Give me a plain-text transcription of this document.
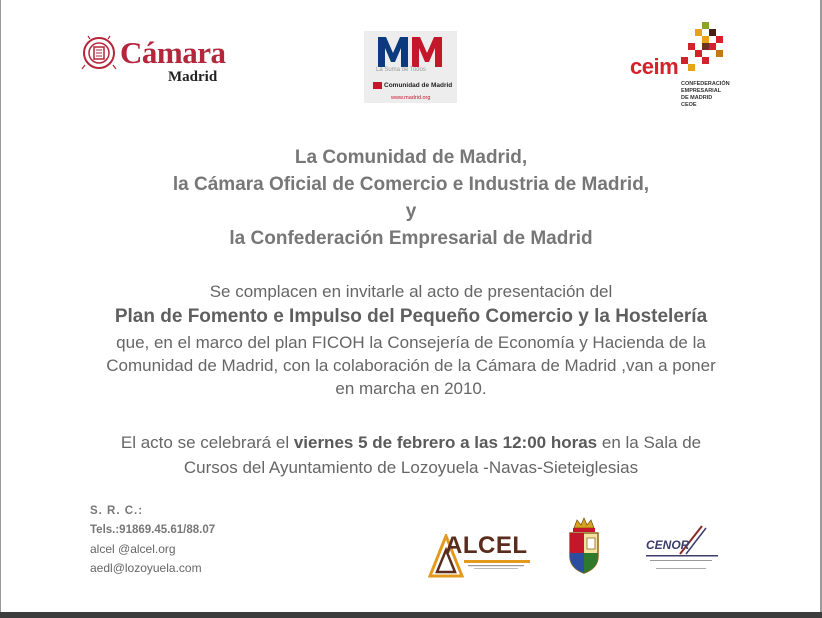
Cámara
Madrid	La Suma de Todos
Comunidad de Madrid
www.madrid.org
ceim
CONFEDERACIÓN
EMPRESARIAL
DE MADRID
CEOE
La Comunidad de Madrid,
la Cámara Oficial de Comercio e Industria de Madrid,
y
la Confederación Empresarial de Madrid
Se complacen en invitarle al acto de presentación del
Plan de Fomento e Impulso del Pequeño Comercio y la Hostelería
que, en el marco del plan FICOH la Consejería de Economía y Hacienda de la
Comunidad de Madrid, con la colaboración de la Cámara de Madrid ,van a poner
en marcha en 2010.
El acto se celebrará el viernes 5 de febrero a las 12:00 horas en la Sala de
Cursos del Ayuntamiento de Lozoyuela -Navas-Sieteiglesias
S. R. C.:
Tels.:91869.45.61/88.07
alcel @alcel.org
aedl@lozoyuela.com
ALCEL	CENOR
